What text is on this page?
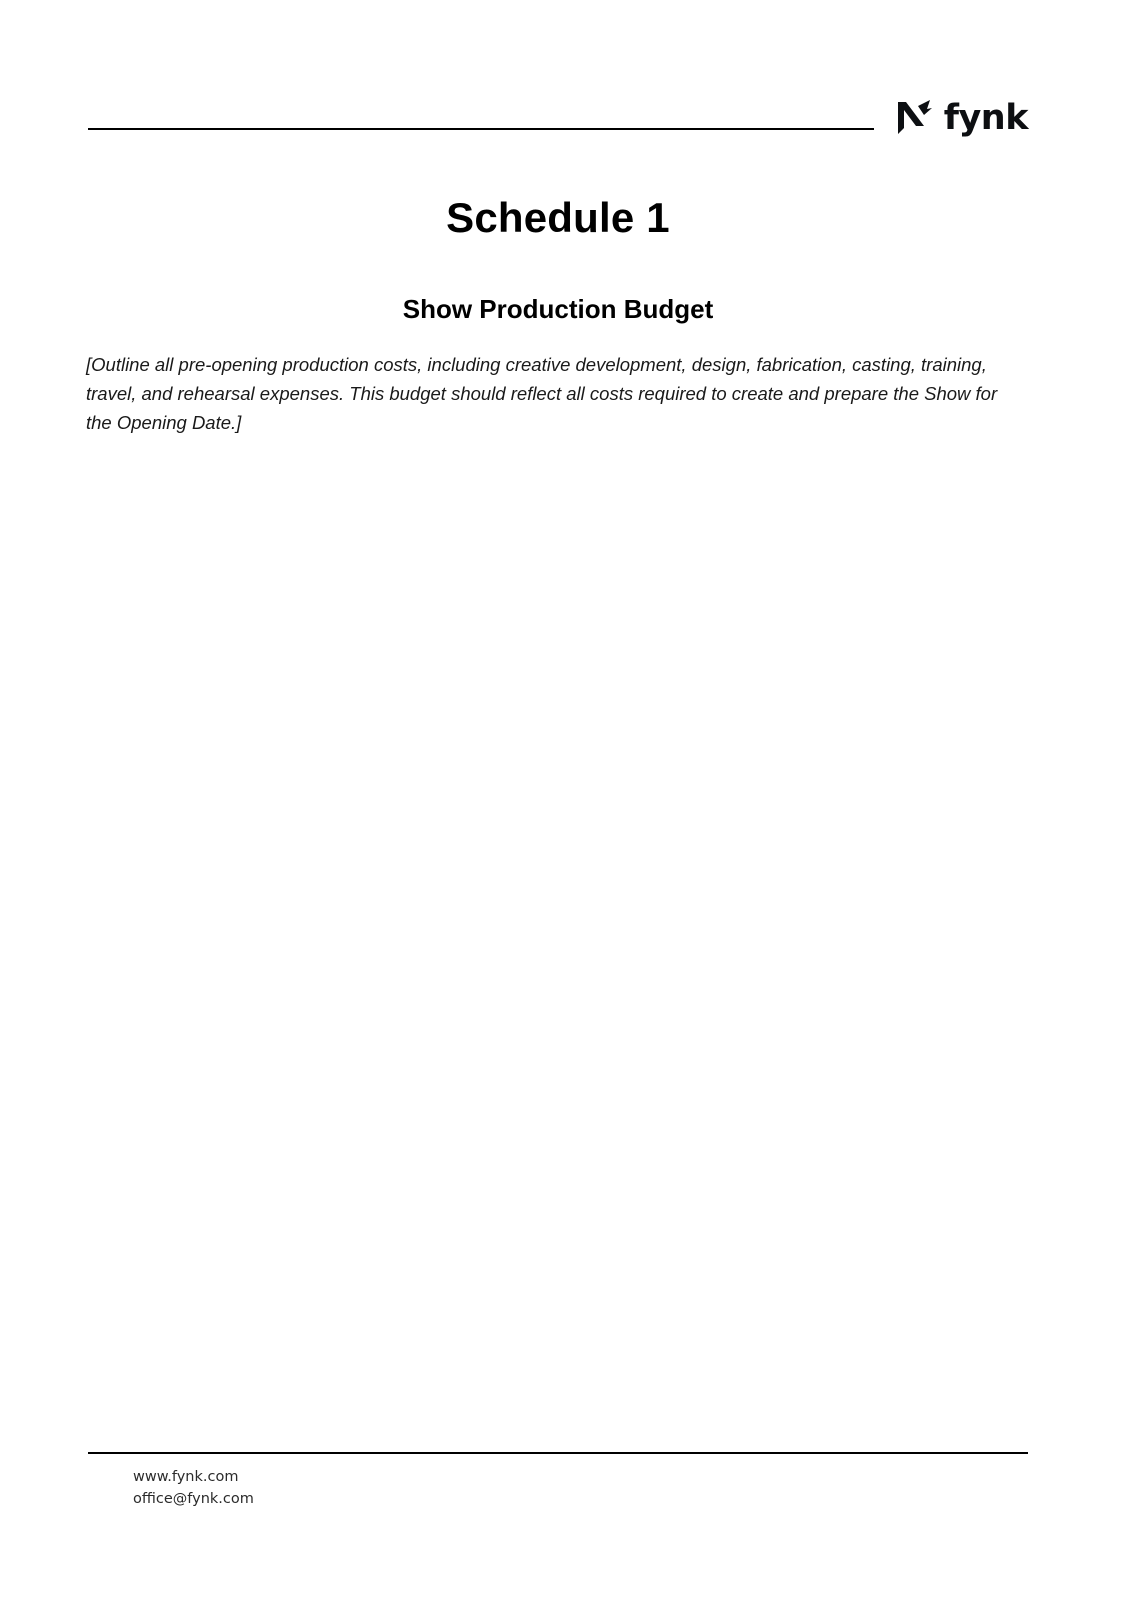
fynk
Schedule 1
Show Production Budget
[Outline all pre-opening production costs, including creative development, design, fabrication, casting, training, travel, and rehearsal expenses. This budget should reflect all costs required to create and prepare the Show for the Opening Date.]
www.fynk.com
office@fynk.com
